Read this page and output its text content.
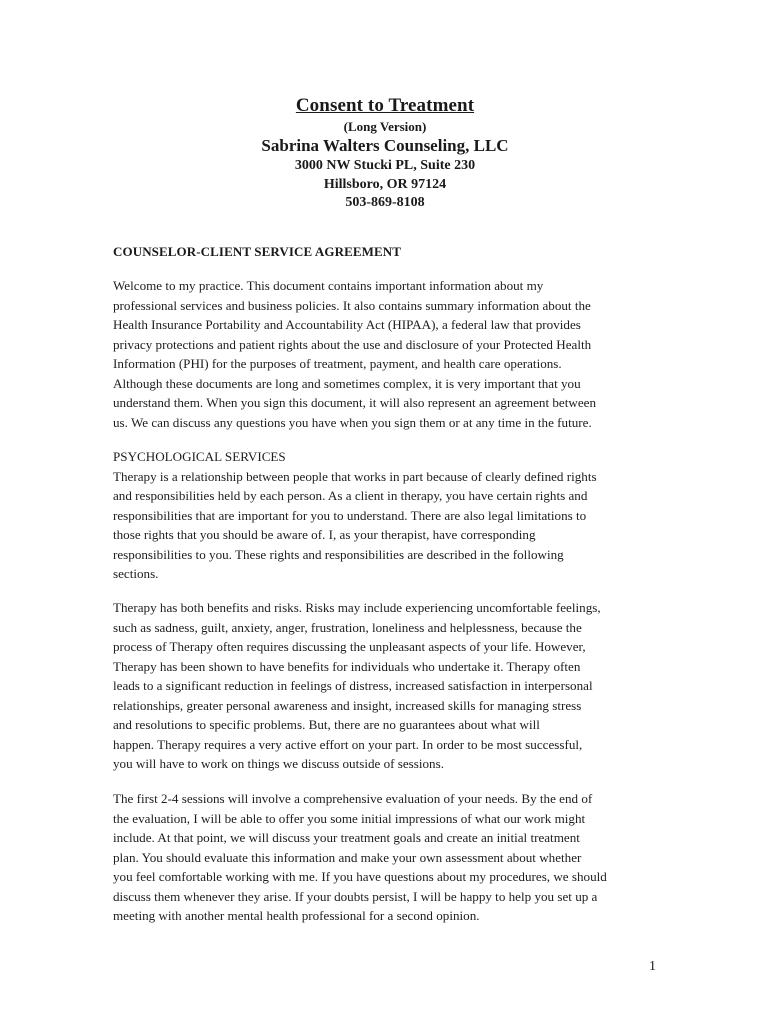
Consent to Treatment
(Long Version)
Sabrina Walters Counseling, LLC
3000 NW Stucki PL, Suite 230
Hillsboro, OR 97124
503-869-8108
COUNSELOR-CLIENT SERVICE AGREEMENT
Welcome to my practice. This document contains important information about my
professional services and business policies. It also contains summary information about the
Health Insurance Portability and Accountability Act (HIPAA), a federal law that provides
privacy protections and patient rights about the use and disclosure of your Protected Health
Information (PHI) for the purposes of treatment, payment, and health care operations.
Although these documents are long and sometimes complex, it is very important that you
understand them. When you sign this document, it will also represent an agreement between
us. We can discuss any questions you have when you sign them or at any time in the future.
PSYCHOLOGICAL SERVICES
Therapy is a relationship between people that works in part because of clearly defined rights
and responsibilities held by each person. As a client in therapy, you have certain rights and
responsibilities that are important for you to understand. There are also legal limitations to
those rights that you should be aware of. I, as your therapist, have corresponding
responsibilities to you. These rights and responsibilities are described in the following
sections.
Therapy has both benefits and risks. Risks may include experiencing uncomfortable feelings,
such as sadness, guilt, anxiety, anger, frustration, loneliness and helplessness, because the
process of Therapy often requires discussing the unpleasant aspects of your life. However,
Therapy has been shown to have benefits for individuals who undertake it. Therapy often
leads to a significant reduction in feelings of distress, increased satisfaction in interpersonal
relationships, greater personal awareness and insight, increased skills for managing stress
and resolutions to specific problems. But, there are no guarantees about what will
happen. Therapy requires a very active effort on your part. In order to be most successful,
you will have to work on things we discuss outside of sessions.
The first 2-4 sessions will involve a comprehensive evaluation of your needs. By the end of
the evaluation, I will be able to offer you some initial impressions of what our work might
include. At that point, we will discuss your treatment goals and create an initial treatment
plan. You should evaluate this information and make your own assessment about whether
you feel comfortable working with me. If you have questions about my procedures, we should
discuss them whenever they arise. If your doubts persist, I will be happy to help you set up a
meeting with another mental health professional for a second opinion.
1
